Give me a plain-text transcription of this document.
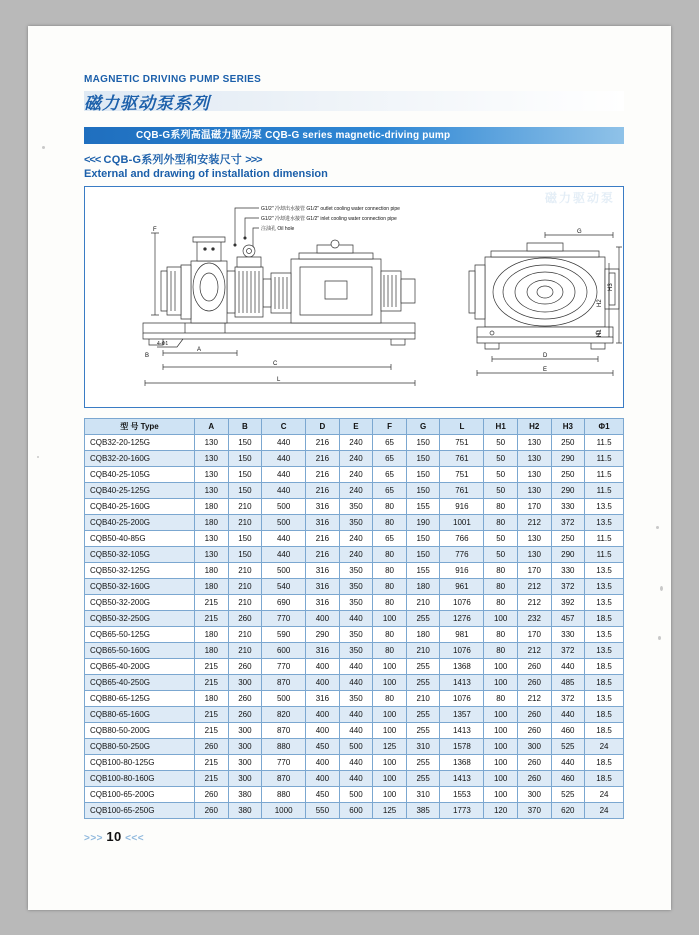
MAGNETIC DRIVING PUMP SERIES
磁力驱动泵系列
CQB-G系列高温磁力驱动泵 CQB-G series magnetic-driving pump
<<< CQB-G系列外型和安装尺寸 >>>
External and drawing of installation dimension
磁力驱动泵
G1/2" 冷却出水接管 G1/2" outlet cooling water connection pipe
G1/2" 冷却进水接管 G1/2" inlet cooling water connection pipe
注油孔 Oil hole
F
4-Φ1
A
C
L
B
G
H3
H2
H1
D
E
型 号 Type	A	B	C	D	E	F	G	L	H1	H2	H3	Φ1
CQB32-20-125G	130	150	440	216	240	65	150	751	50	130	250	11.5
CQB32-20-160G	130	150	440	216	240	65	150	761	50	130	290	11.5
CQB40-25-105G	130	150	440	216	240	65	150	751	50	130	250	11.5
CQB40-25-125G	130	150	440	216	240	65	150	761	50	130	290	11.5
CQB40-25-160G	180	210	500	316	350	80	155	916	80	170	330	13.5
CQB40-25-200G	180	210	500	316	350	80	190	1001	80	212	372	13.5
CQB50-40-85G	130	150	440	216	240	65	150	766	50	130	250	11.5
CQB50-32-105G	130	150	440	216	240	80	150	776	50	130	290	11.5
CQB50-32-125G	180	210	500	316	350	80	155	916	80	170	330	13.5
CQB50-32-160G	180	210	540	316	350	80	180	961	80	212	372	13.5
CQB50-32-200G	215	210	690	316	350	80	210	1076	80	212	392	13.5
CQB50-32-250G	215	260	770	400	440	100	255	1276	100	232	457	18.5
CQB65-50-125G	180	210	590	290	350	80	180	981	80	170	330	13.5
CQB65-50-160G	180	210	600	316	350	80	210	1076	80	212	372	13.5
CQB65-40-200G	215	260	770	400	440	100	255	1368	100	260	440	18.5
CQB65-40-250G	215	300	870	400	440	100	255	1413	100	260	485	18.5
CQB80-65-125G	180	260	500	316	350	80	210	1076	80	212	372	13.5
CQB80-65-160G	215	260	820	400	440	100	255	1357	100	260	440	18.5
CQB80-50-200G	215	300	870	400	440	100	255	1413	100	260	460	18.5
CQB80-50-250G	260	300	880	450	500	125	310	1578	100	300	525	24
CQB100-80-125G	215	300	770	400	440	100	255	1368	100	260	440	18.5
CQB100-80-160G	215	300	870	400	440	100	255	1413	100	260	460	18.5
CQB100-65-200G	260	380	880	450	500	100	310	1553	100	300	525	24
CQB100-65-250G	260	380	1000	550	600	125	385	1773	120	370	620	24
>>> 10 <<<
